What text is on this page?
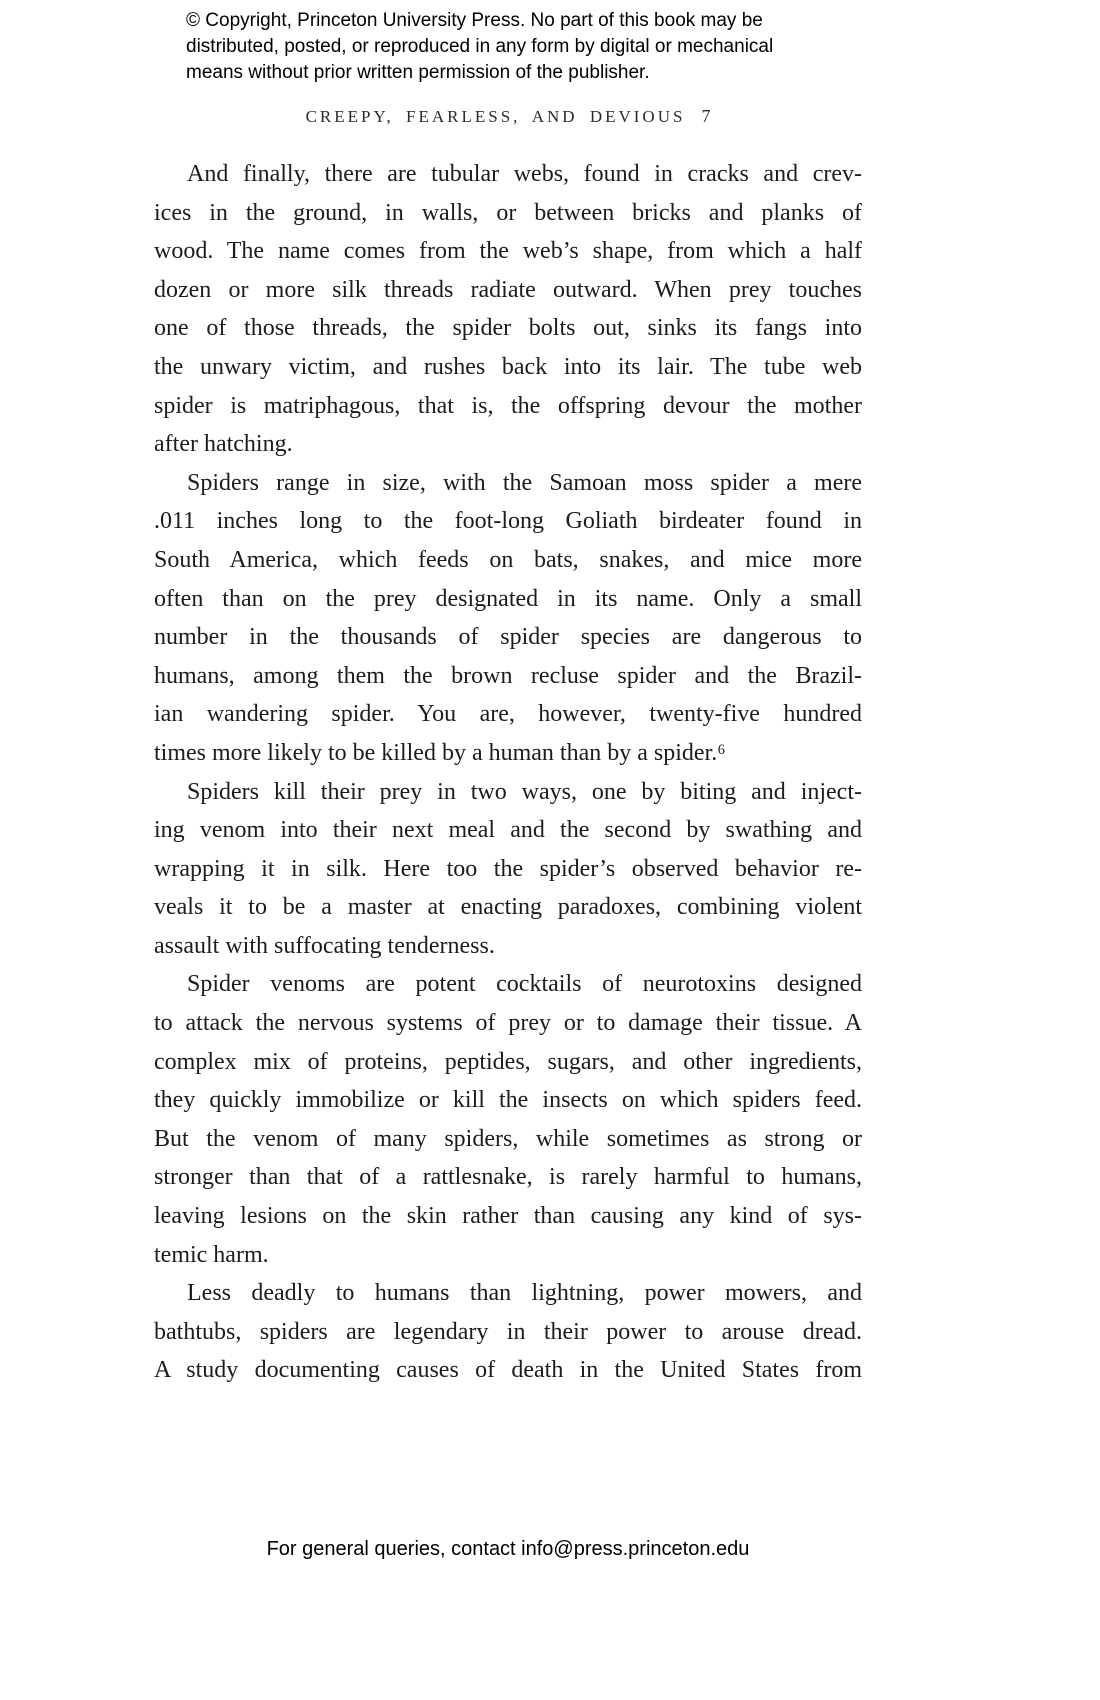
© Copyright, Princeton University Press. No part of this book may be
distributed, posted, or reproduced in any form by digital or mechanical
means without prior written permission of the publisher.
CREEPY, FEARLESS, AND DEVIOUS 7
And finally, there are tubular webs, found in cracks and crev-
ices in the ground, in walls, or between bricks and planks of
wood. The name comes from the web’s shape, from which a half
dozen or more silk threads radiate outward. When prey touches
one of those threads, the spider bolts out, sinks its fangs into
the unwary victim, and rushes back into its lair. The tube web
spider is matriphagous, that is, the offspring devour the mother
after hatching.
Spiders range in size, with the Samoan moss spider a mere
.011 inches long to the foot-long Goliath birdeater found in
South America, which feeds on bats, snakes, and mice more
often than on the prey designated in its name. Only a small
number in the thousands of spider species are dangerous to
humans, among them the brown recluse spider and the Brazil-
ian wandering spider. You are, however, twenty-five hundred
times more likely to be killed by a human than by a spider.⁶
Spiders kill their prey in two ways, one by biting and inject-
ing venom into their next meal and the second by swathing and
wrapping it in silk. Here too the spider’s observed behavior re-
veals it to be a master at enacting paradoxes, combining violent
assault with suffocating tenderness.
Spider venoms are potent cocktails of neurotoxins designed
to attack the nervous systems of prey or to damage their tissue. A
complex mix of proteins, peptides, sugars, and other ingredients,
they quickly immobilize or kill the insects on which spiders feed.
But the venom of many spiders, while sometimes as strong or
stronger than that of a rattlesnake, is rarely harmful to humans,
leaving lesions on the skin rather than causing any kind of sys-
temic harm.
Less deadly to humans than lightning, power mowers, and
bathtubs, spiders are legendary in their power to arouse dread.
A study documenting causes of death in the United States from
For general queries, contact info@press.princeton.edu
